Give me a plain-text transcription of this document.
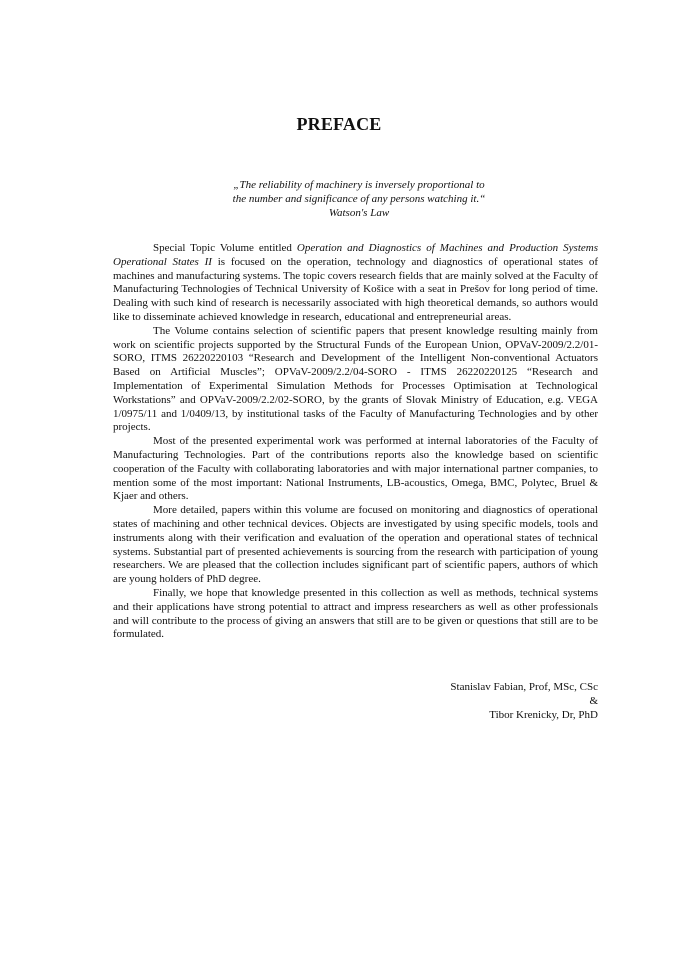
PREFACE
„The reliability of machinery is inversely proportional to
the number and significance of any persons watching it.“
Watson's Law

Special Topic Volume entitled Operation and Diagnostics of Machines and Production Systems Operational States II is focused on the operation, technology and diagnostics of operational states of machines and manufacturing systems. The topic covers research fields that are mainly solved at the Faculty of Manufacturing Technologies of Technical University of Košice with a seat in Prešov for long period of time. Dealing with such kind of research is necessarily associated with high theoretical demands, so authors would like to disseminate achieved knowledge in research, educational and entrepreneurial areas.

The Volume contains selection of scientific papers that present knowledge resulting mainly from work on scientific projects supported by the Structural Funds of the European Union, OPVaV-2009/2.2/01-SORO, ITMS 26220220103 “Research and Development of the Intelligent Non-conventional Actuators Based on Artificial Muscles”; OPVaV-2009/2.2/04-SORO - ITMS 26220220125 “Research and Implementation of Experimental Simulation Methods for Processes Optimisation at Technological Workstations” and OPVaV-2009/2.2/02-SORO, by the grants of Slovak Ministry of Education, e.g. VEGA 1/0975/11 and 1/0409/13, by institutional tasks of the Faculty of Manufacturing Technologies and by other projects.

Most of the presented experimental work was performed at internal laboratories of the Faculty of Manufacturing Technologies. Part of the contributions reports also the knowledge based on scientific cooperation of the Faculty with collaborating laboratories and with major international partner companies, to mention some of the most important: National Instruments, LB-acoustics, Omega, BMC, Polytec, Bruel & Kjaer and others.

More detailed, papers within this volume are focused on monitoring and diagnostics of operational states of machining and other technical devices. Objects are investigated by using specific models, tools and instruments along with their verification and evaluation of the operation and operational states of technical systems. Substantial part of presented achievements is sourcing from the research with participation of young researchers. We are pleased that the collection includes significant part of scientific papers, authors of which are young holders of PhD degree.

Finally, we hope that knowledge presented in this collection as well as methods, technical systems and their applications have strong potential to attract and impress researchers as well as other professionals and will contribute to the process of giving an answers that still are to be given or questions that still are to be formulated.

Stanislav Fabian, Prof, MSc, CSc
&
Tibor Krenicky, Dr, PhD
